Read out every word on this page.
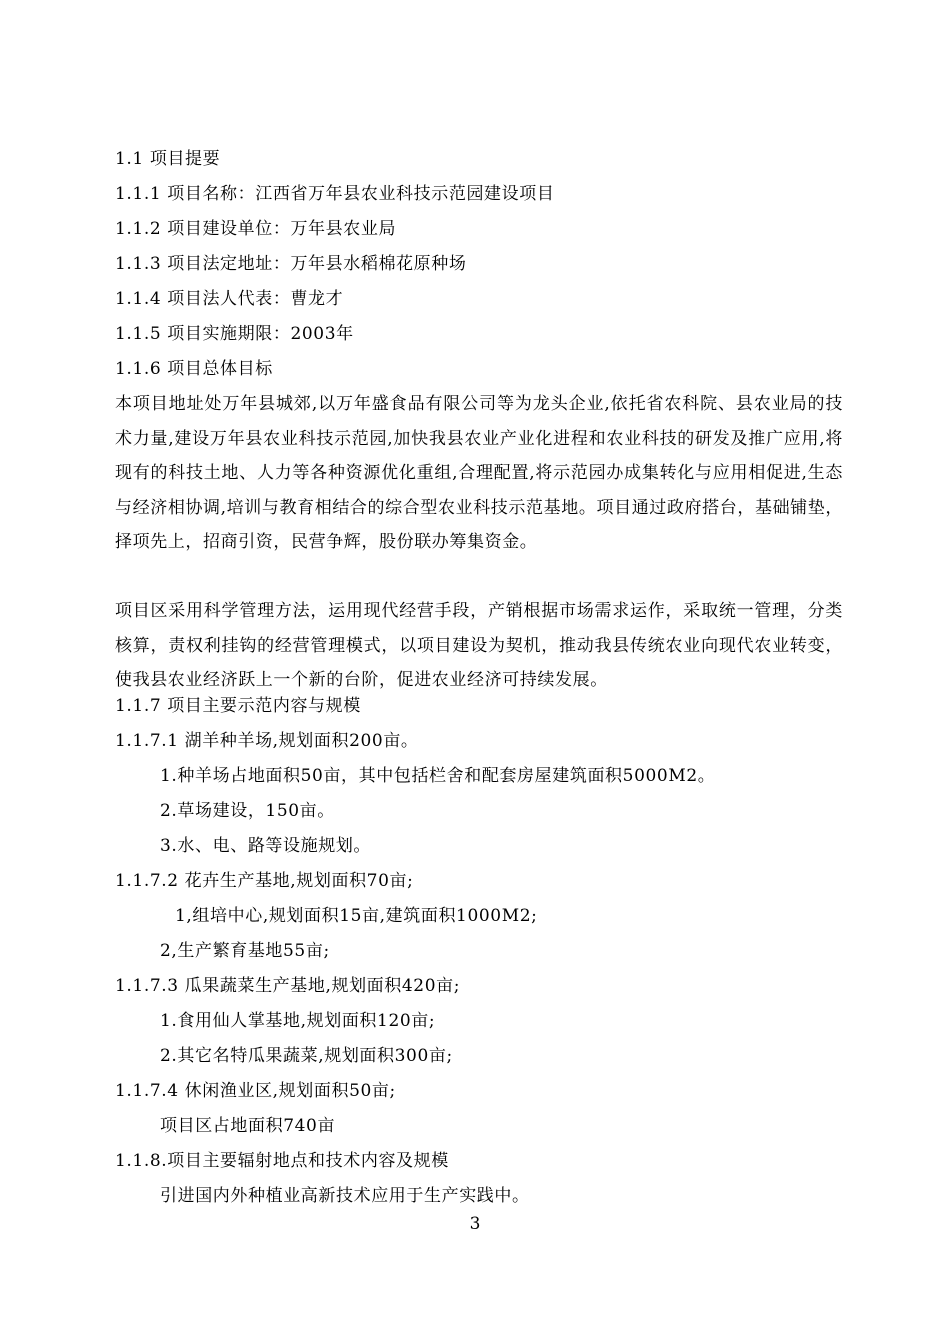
1.1 项目提要
1.1.1 项目名称：江西省万年县农业科技示范园建设项目
1.1.2 项目建设单位：万年县农业局
1.1.3 项目法定地址：万年县水稻棉花原种场
1.1.4 项目法人代表：曹龙才
1.1.5 项目实施期限：2003年
1.1.6 项目总体目标
本项目地址处万年县城郊,以万年盛食品有限公司等为龙头企业,依托省农科院、县农业局的技术力量,建设万年县农业科技示范园,加快我县农业产业化进程和农业科技的研发及推广应用,将现有的科技土地、人力等各种资源优化重组,合理配置,将示范园办成集转化与应用相促进,生态与经济相协调,培训与教育相结合的综合型农业科技示范基地。项目通过政府搭台，基础铺垫，择项先上，招商引资，民营争辉，股份联办筹集资金。
项目区采用科学管理方法，运用现代经营手段，产销根据市场需求运作，采取统一管理，分类核算，责权利挂钩的经营管理模式，以项目建设为契机，推动我县传统农业向现代农业转变，使我县农业经济跃上一个新的台阶，促进农业经济可持续发展。
1.1.7 项目主要示范内容与规模
1.1.7.1 湖羊种羊场,规划面积200亩。
1.种羊场占地面积50亩，其中包括栏舍和配套房屋建筑面积5000M2。
2.草场建设，150亩。
3.水、电、路等设施规划。
1.1.7.2 花卉生产基地,规划面积70亩;
1,组培中心,规划面积15亩,建筑面积1000M2;
2,生产繁育基地55亩;
1.1.7.3 瓜果蔬菜生产基地,规划面积420亩;
1.食用仙人掌基地,规划面积120亩;
2.其它名特瓜果蔬菜,规划面积300亩;
1.1.7.4 休闲渔业区,规划面积50亩;
项目区占地面积740亩
1.1.8.项目主要辐射地点和技术内容及规模
引进国内外种植业高新技术应用于生产实践中。
3
